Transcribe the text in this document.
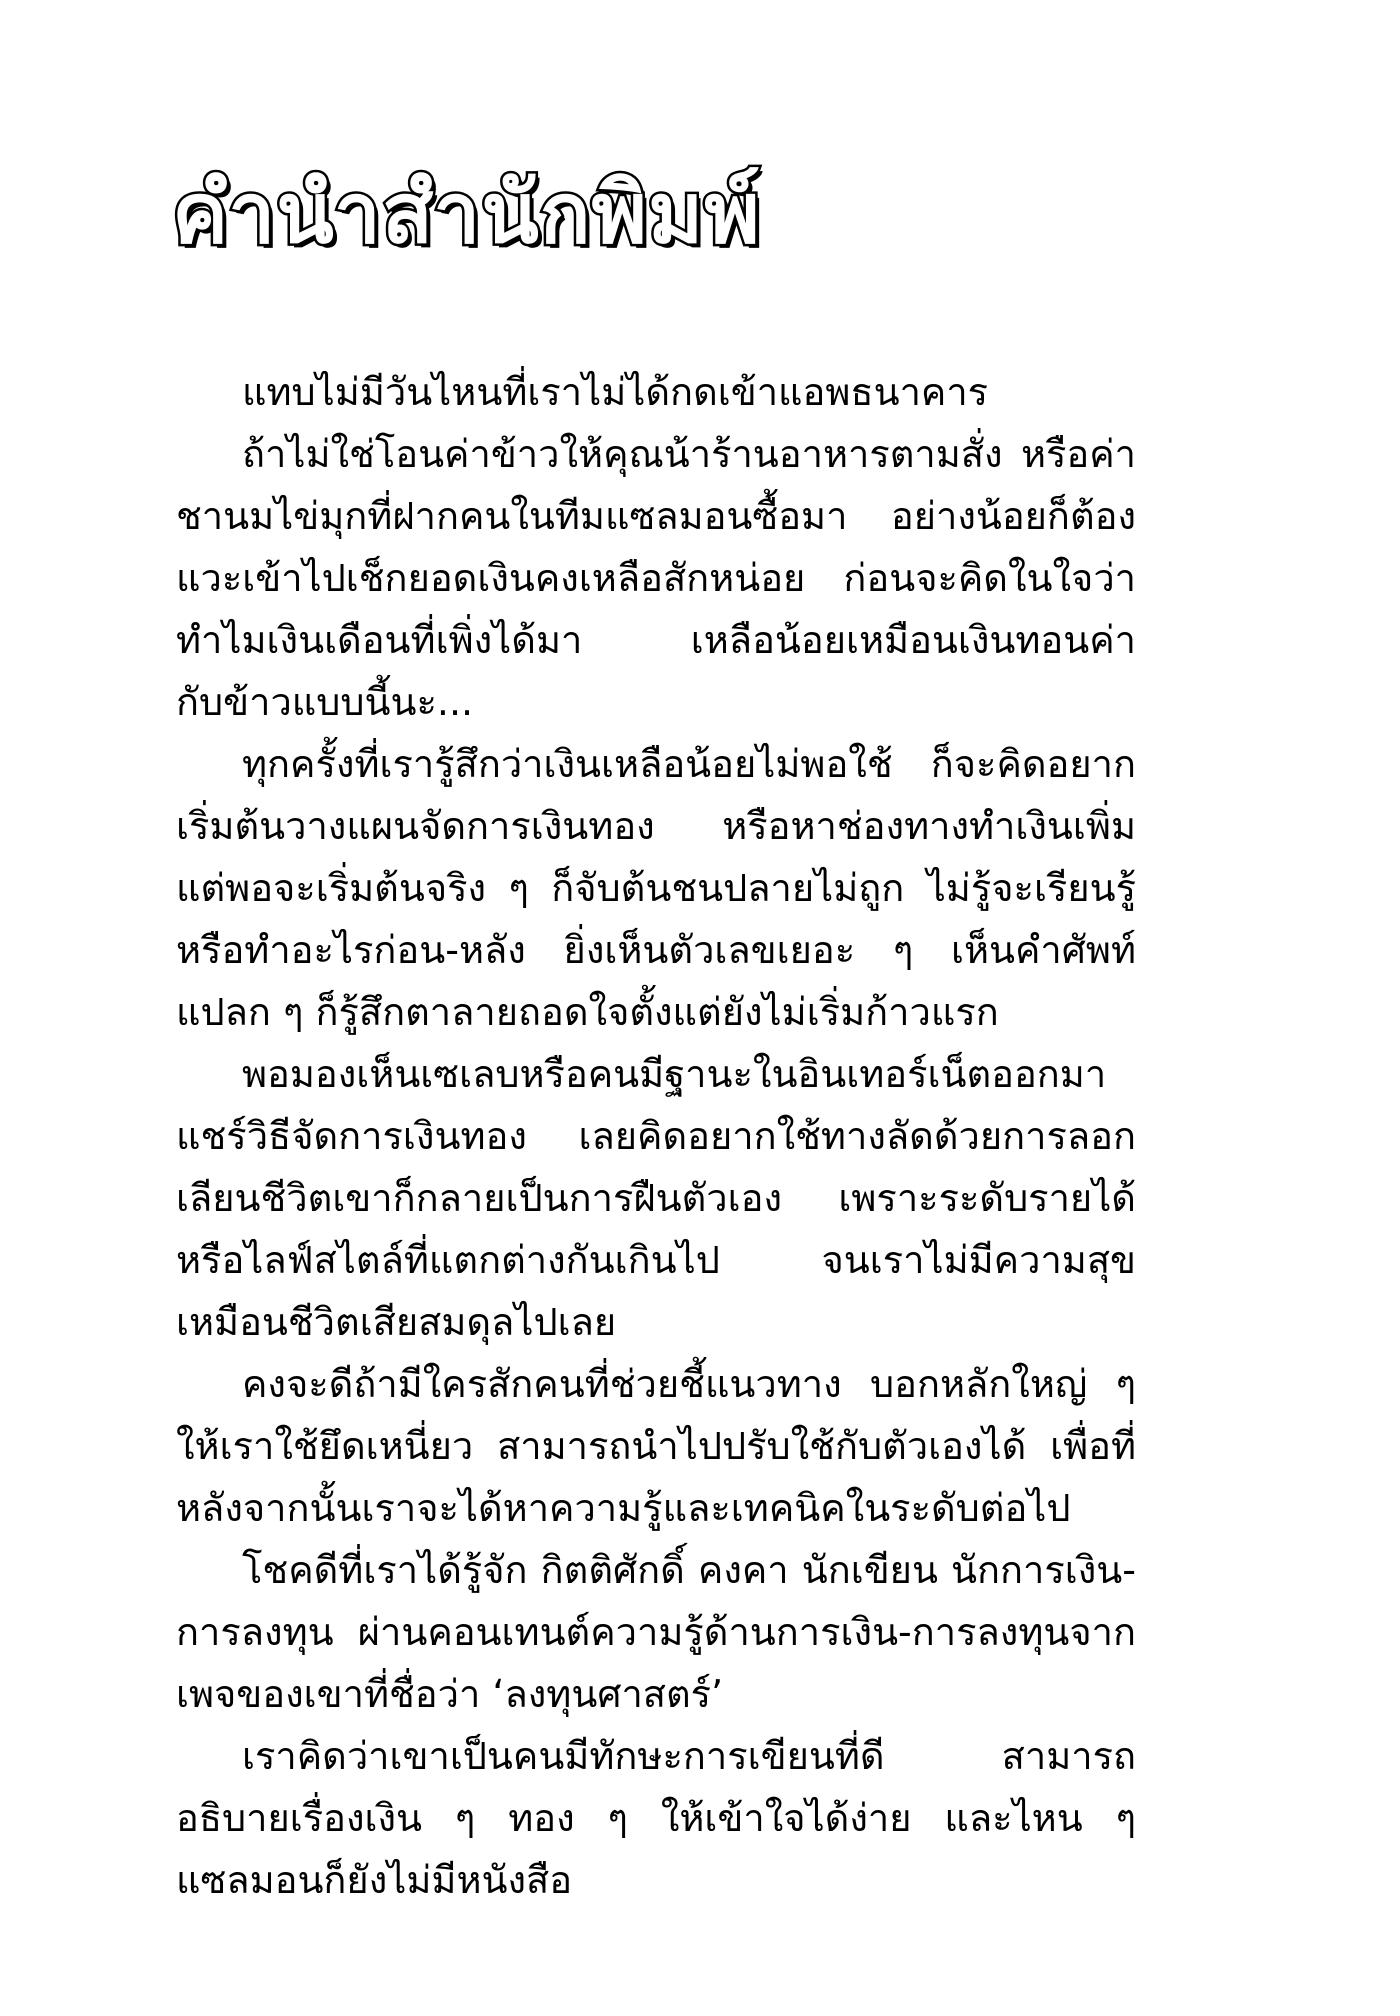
คำนำสำนักพิมพ์

แทบไม่มีวันไหนที่เราไม่ได้กดเข้าแอพธนาคาร

ถ้าไม่ใช่โอนค่าข้าวให้คุณน้าร้านอาหารตามสั่ง หรือค่าชานมไข่มุกที่ฝากคนในทีมแซลมอนซื้อมา อย่างน้อยก็ต้องแวะเข้าไปเช็กยอดเงินคงเหลือสักหน่อย ก่อนจะคิดในใจว่าทำไมเงินเดือนที่เพิ่งได้มา เหลือน้อยเหมือนเงินทอนค่ากับข้าวแบบนี้นะ...

ทุกครั้งที่เรารู้สึกว่าเงินเหลือน้อยไม่พอใช้ ก็จะคิดอยากเริ่มต้นวางแผนจัดการเงินทอง หรือหาช่องทางทำเงินเพิ่ม แต่พอจะเริ่มต้นจริง ๆ ก็จับต้นชนปลายไม่ถูก ไม่รู้จะเรียนรู้หรือทำอะไรก่อน-หลัง ยิ่งเห็นตัวเลขเยอะ ๆ เห็นคำศัพท์แปลก ๆ ก็รู้สึกตาลายถอดใจตั้งแต่ยังไม่เริ่มก้าวแรก

พอมองเห็นเซเลบหรือคนมีฐานะในอินเทอร์เน็ตออกมาแชร์วิธีจัดการเงินทอง เลยคิดอยากใช้ทางลัดด้วยการลอกเลียนชีวิตเขาก็กลายเป็นการฝืนตัวเอง เพราะระดับรายได้หรือไลฟ์สไตล์ที่แตกต่างกันเกินไป จนเราไม่มีความสุข เหมือนชีวิตเสียสมดุลไปเลย

คงจะดีถ้ามีใครสักคนที่ช่วยชี้แนวทาง บอกหลักใหญ่ ๆ ให้เราใช้ยึดเหนี่ยว สามารถนำไปปรับใช้กับตัวเองได้ เพื่อที่หลังจากนั้นเราจะได้หาความรู้และเทคนิคในระดับต่อไป

โชคดีที่เราได้รู้จัก กิตติศักดิ์ คงคา นักเขียน นักการเงิน-การลงทุน ผ่านคอนเทนต์ความรู้ด้านการเงิน-การลงทุนจากเพจของเขาที่ชื่อว่า ‘ลงทุนศาสตร์’

เราคิดว่าเขาเป็นคนมีทักษะการเขียนที่ดี สามารถอธิบายเรื่องเงิน ๆ ทอง ๆ ให้เข้าใจได้ง่าย และไหน ๆ แซลมอนก็ยังไม่มีหนังสือ
